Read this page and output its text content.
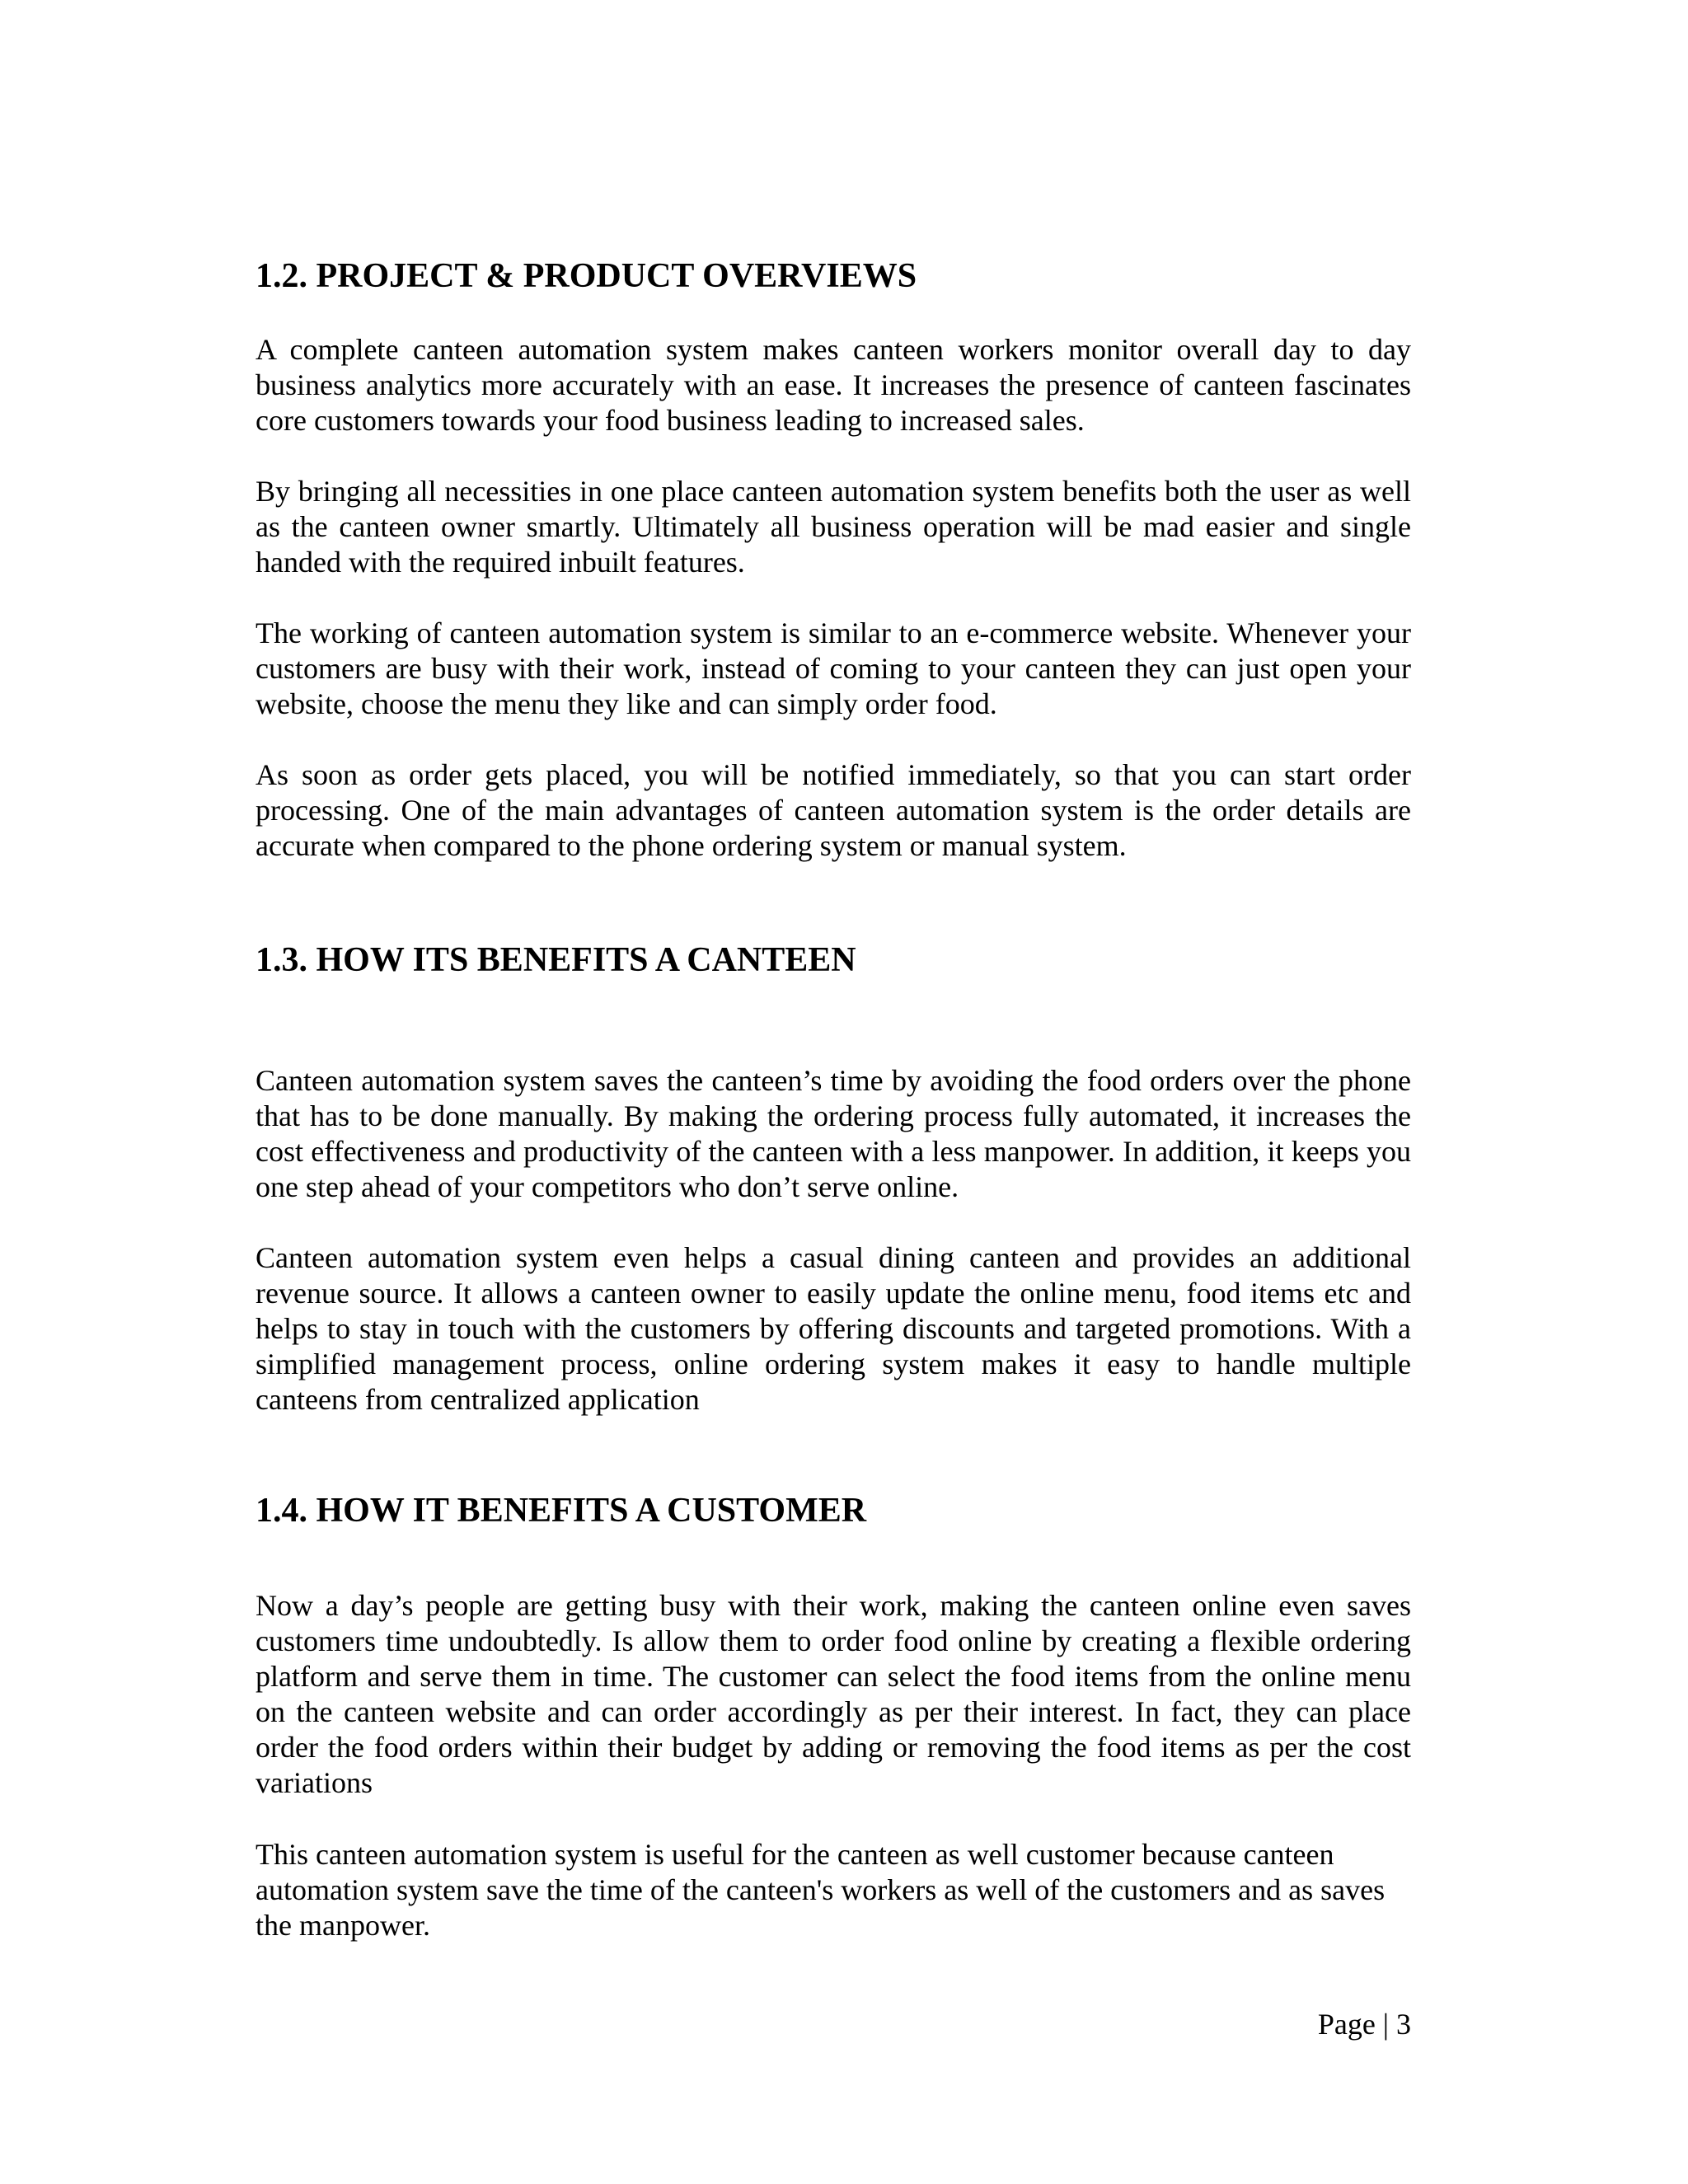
1.2. PROJECT & PRODUCT OVERVIEWS

A complete canteen automation system makes canteen workers monitor overall day to day business analytics more accurately with an ease. It increases the presence of canteen fascinates core customers towards your food business leading to increased sales.

By bringing all necessities in one place canteen automation system benefits both the user as well as the canteen owner smartly. Ultimately all business operation will be mad easier and single handed with the required inbuilt features.

The working of canteen automation system is similar to an e-commerce website. Whenever your customers are busy with their work, instead of coming to your canteen they can just open your website, choose the menu they like and can simply order food.

As soon as order gets placed, you will be notified immediately, so that you can start order processing. One of the main advantages of canteen automation system is the order details are accurate when compared to the phone ordering system or manual system.

1.3. HOW ITS BENEFITS A CANTEEN

Canteen automation system saves the canteen’s time by avoiding the food orders over the phone that has to be done manually. By making the ordering process fully automated, it increases the cost effectiveness and productivity of the canteen with a less manpower. In addition, it keeps you one step ahead of your competitors who don’t serve online.

Canteen automation system even helps a casual dining canteen and provides an additional revenue source. It allows a canteen owner to easily update the online menu, food items etc and helps to stay in touch with the customers by offering discounts and targeted promotions. With a simplified management process, online ordering system makes it easy to handle multiple canteens from centralized application

1.4. HOW IT BENEFITS A CUSTOMER

Now a day’s people are getting busy with their work, making the canteen online even saves customers time undoubtedly. Is allow them to order food online by creating a flexible ordering platform and serve them in time. The customer can select the food items from the online menu on the canteen website and can order accordingly as per their interest. In fact, they can place order the food orders within their budget by adding or removing the food items as per the cost variations

This canteen automation system is useful for the canteen as well customer because canteen automation system save the time of the canteen's workers as well of the customers and as saves the manpower.

Page | 3
